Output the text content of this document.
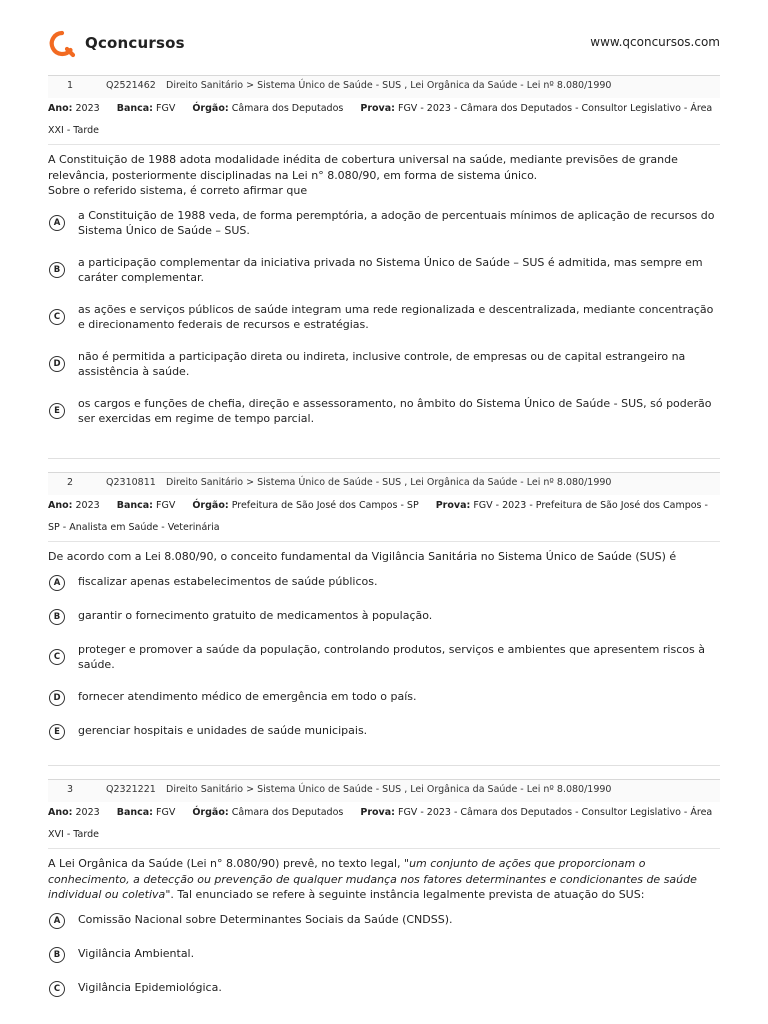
Qconcursos	www.qconcursos.com
1	Q2521462 Direito Sanitário > Sistema Único de Saúde - SUS , Lei Orgânica da Saúde - Lei nº 8.080/1990
Ano: 2023 Banca: FGV Órgão: Câmara dos Deputados Prova: FGV - 2023 - Câmara dos Deputados - Consultor Legislativo - Área XXI - Tarde

A Constituição de 1988 adota modalidade inédita de cobertura universal na saúde, mediante previsões de grande relevância, posteriormente disciplinadas na Lei n° 8.080/90, em forma de sistema único.

Sobre o referido sistema, é correto afirmar que

A
a Constituição de 1988 veda, de forma peremptória, a adoção de percentuais mínimos de aplicação de recursos do Sistema Único de Saúde – SUS.
B
a participação complementar da iniciativa privada no Sistema Único de Saúde – SUS é admitida, mas sempre em caráter complementar.
C
as ações e serviços públicos de saúde integram uma rede regionalizada e descentralizada, mediante concentração e direcionamento federais de recursos e estratégias.
D
não é permitida a participação direta ou indireta, inclusive controle, de empresas ou de capital estrangeiro na assistência à saúde.
E
os cargos e funções de chefia, direção e assessoramento, no âmbito do Sistema Único de Saúde - SUS, só poderão ser exercidas em regime de tempo parcial.
2	Q2310811 Direito Sanitário > Sistema Único de Saúde - SUS , Lei Orgânica da Saúde - Lei nº 8.080/1990
Ano: 2023 Banca: FGV Órgão: Prefeitura de São José dos Campos - SP Prova: FGV - 2023 - Prefeitura de São José dos Campos - SP - Analista em Saúde - Veterinária

De acordo com a Lei 8.080/90, o conceito fundamental da Vigilância Sanitária no Sistema Único de Saúde (SUS) é

A	fiscalizar apenas estabelecimentos de saúde públicos.
B	garantir o fornecimento gratuito de medicamentos à população.
C
proteger e promover a saúde da população, controlando produtos, serviços e ambientes que apresentem riscos à saúde.
D	fornecer atendimento médico de emergência em todo o país.
E	gerenciar hospitais e unidades de saúde municipais.
3	Q2321221 Direito Sanitário > Sistema Único de Saúde - SUS , Lei Orgânica da Saúde - Lei nº 8.080/1990
Ano: 2023 Banca: FGV Órgão: Câmara dos Deputados Prova: FGV - 2023 - Câmara dos Deputados - Consultor Legislativo - Área XVI - Tarde

A Lei Orgânica da Saúde (Lei n° 8.080/90) prevê, no texto legal, "um conjunto de ações que proporcionam o conhecimento, a detecção ou prevenção de qualquer mudança nos fatores determinantes e condicionantes de saúde individual ou coletiva". Tal enunciado se refere à seguinte instância legalmente prevista de atuação do SUS:

A	Comissão Nacional sobre Determinantes Sociais da Saúde (CNDSS).
B	Vigilância Ambiental.
C	Vigilância Epidemiológica.
